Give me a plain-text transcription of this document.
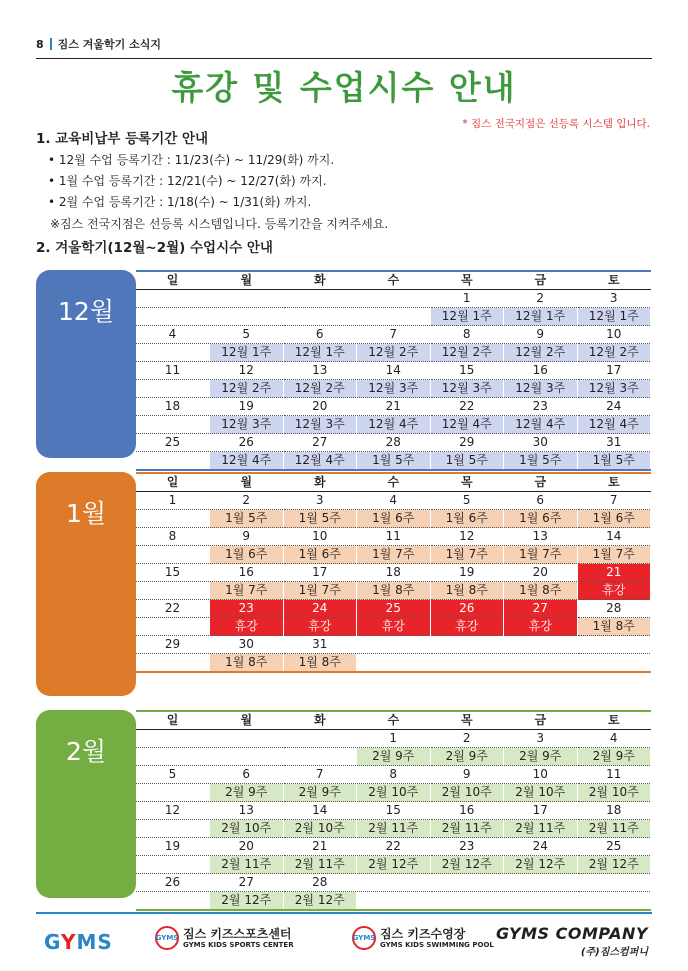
8 짐스 겨울학기 소식지
휴강 및 수업시수 안내
* 짐스 전국지점은 선등록 시스템 입니다.
1. 교육비납부 등록기간 안내
• 12월 수업 등록기간 : 11/23(수) ~ 11/29(화) 까지.
• 1월 수업 등록기간 : 12/21(수) ~ 12/27(화) 까지.
• 2월 수업 등록기간 : 1/18(수) ~ 1/31(화) 까지.
※짐스 전국지점은 선등록 시스템입니다. 등록기간을 지켜주세요.
2. 겨울학기(12월~2월) 수업시수 안내
12월
일	월	화	수	목	금	토
				1	2	3
				12월 1주	12월 1주	12월 1주
4	5	6	7	8	9	10
	12월 1주	12월 1주	12월 2주	12월 2주	12월 2주	12월 2주
11	12	13	14	15	16	17
	12월 2주	12월 2주	12월 3주	12월 3주	12월 3주	12월 3주
18	19	20	21	22	23	24
	12월 3주	12월 3주	12월 4주	12월 4주	12월 4주	12월 4주
25	26	27	28	29	30	31
	12월 4주	12월 4주	1월 5주	1월 5주	1월 5주	1월 5주
1월
일	월	화	수	목	금	토
1	2	3	4	5	6	7
	1월 5주	1월 5주	1월 6주	1월 6주	1월 6주	1월 6주
8	9	10	11	12	13	14
	1월 6주	1월 6주	1월 7주	1월 7주	1월 7주	1월 7주
15	16	17	18	19	20	21
	1월 7주	1월 7주	1월 8주	1월 8주	1월 8주	휴강
22	23	24	25	26	27	28
	휴강	휴강	휴강	휴강	휴강	1월 8주
29	30	31				
	1월 8주	1월 8주				
2월
일	월	화	수	목	금	토
			1	2	3	4
			2월 9주	2월 9주	2월 9주	2월 9주
5	6	7	8	9	10	11
	2월 9주	2월 9주	2월 10주	2월 10주	2월 10주	2월 10주
12	13	14	15	16	17	18
	2월 10주	2월 10주	2월 11주	2월 11주	2월 11주	2월 11주
19	20	21	22	23	24	25
	2월 11주	2월 11주	2월 12주	2월 12주	2월 12주	2월 12주
26	27	28				
	2월 12주	2월 12주				
GYMS	GYMS 짐스 키즈스포츠센터
GYMS KIDS SPORTS CENTER
GYMS 짐스 키즈수영장
GYMS KIDS SWIMMING POOL
GYMS COMPANY
(주)짐스컴퍼니
